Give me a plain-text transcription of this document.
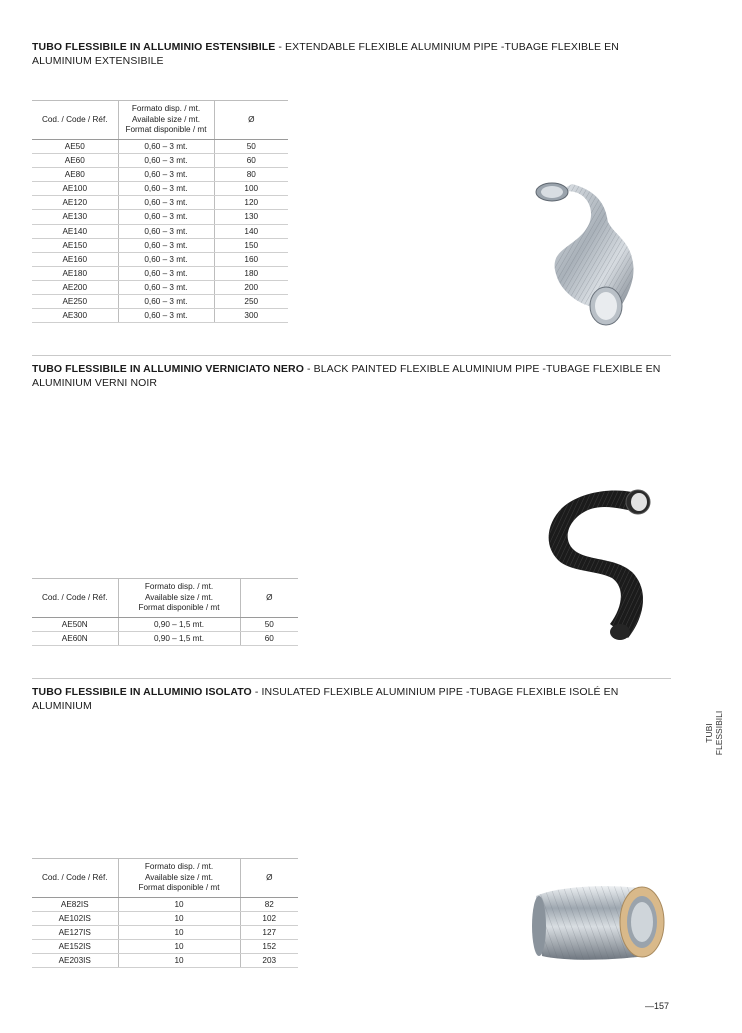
TUBO FLESSIBILE IN ALLUMINIO ESTENSIBILE - EXTENDABLE FLEXIBLE ALUMINIUM PIPE -TUBAGE FLEXIBLE EN ALUMINIUM EXTENSIBILE
Cod. / Code / Réf.	Formato disp. / mt.
Available size / mt.
Format disponible / mt	Ø
AE50	0,60 – 3 mt.	50
AE60	0,60 – 3 mt.	60
AE80	0,60 – 3 mt.	80
AE100	0,60 – 3 mt.	100
AE120	0,60 – 3 mt.	120
AE130	0,60 – 3 mt.	130
AE140	0,60 – 3 mt.	140
AE150	0,60 – 3 mt.	150
AE160	0,60 – 3 mt.	160
AE180	0,60 – 3 mt.	180
AE200	0,60 – 3 mt.	200
AE250	0,60 – 3 mt.	250
AE300	0,60 – 3 mt.	300
TUBO FLESSIBILE IN ALLUMINIO VERNICIATO NERO - BLACK PAINTED FLEXIBLE ALUMINIUM PIPE -TUBAGE FLEXIBLE EN ALUMINIUM VERNI NOIR
Cod. / Code / Réf.	Formato disp. / mt.
Available size / mt.
Format disponible / mt	Ø
AE50N	0,90 – 1,5 mt.	50
AE60N	0,90 – 1,5 mt.	60
TUBO FLESSIBILE IN ALLUMINIO ISOLATO - INSULATED FLEXIBLE ALUMINIUM PIPE -TUBAGE FLEXIBLE ISOLÉ EN ALUMINIUM
Cod. / Code / Réf.	Formato disp. / mt.
Available size / mt.
Format disponible / mt	Ø
AE82IS	10	82
AE102IS	10	102
AE127IS	10	127
AE152IS	10	152
AE203IS	10	203
TUBI FLESSIBILI
—157
